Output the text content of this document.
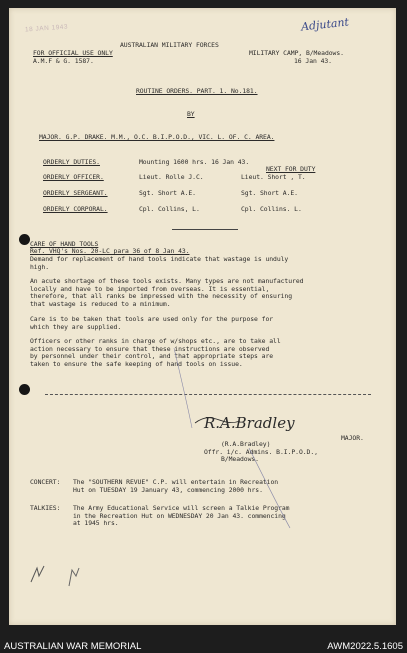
18 JAN 1943	Adjutant
AUSTRALIAN MILITARY FORCES
FOR OFFICIAL USE ONLY	MILITARY CAMP, B/Meadows.
A.M.F & G. 1587.	16 Jan 43.
ROUTINE ORDERS. PART. 1. No.181.
BY
MAJOR. G.P. DRAKE. M.M., O.C. B.I.P.O.D., VIC. L. OF. C. AREA.
ORDERLY DUTIES.	Mounting 1600 hrs. 16 Jan 43.
NEXT FOR DUTY
ORDERLY OFFICER.	Lieut. Rolle J.C.	Lieut. Short , T.
ORDERLY SERGEANT.	Sgt. Short A.E.	Sgt. Short A.E.
ORDERLY CORPORAL.	Cpl. Collins, L.	Cpl. Collins. L.
CARE OF HAND TOOLS
Ref. VHQ's Nos. 20-LC para 36 of 8 Jan 43.
Demand for replacement of hand tools indicate that wastage is unduly
high.
An acute shortage of these tools exists. Many types are not manufactured
locally and have to be imported from overseas. It is essential,
therefore, that all ranks be impressed with the necessity of ensuring
that wastage is reduced to a minimum.
Care is to be taken that tools are used only for the purpose for
which they are supplied.
Officers or other ranks in charge of w/shops etc., are to take all
action necessary to ensure that these instructions are observed
by personnel under their control, and that appropriate steps are
taken to ensure the safe keeping of hand tools on issue.
R.A.Bradley
MAJOR.
(R.A.Bradley)
Offr. i/c. Admins. B.I.P.O.D.,
B/Meadows.
CONCERT: The "SOUTHERN REVUE" C.P. will entertain in Recreation
Hut on TUESDAY 19 January 43, commencing 2000 hrs.
TALKIES: The Army Educational Service will screen a Talkie Program
in the Recreation Hut on WEDNESDAY 20 Jan 43. commencing
at 1945 hrs.
AUSTRALIAN WAR MEMORIAL	AWM2022.5.1605
